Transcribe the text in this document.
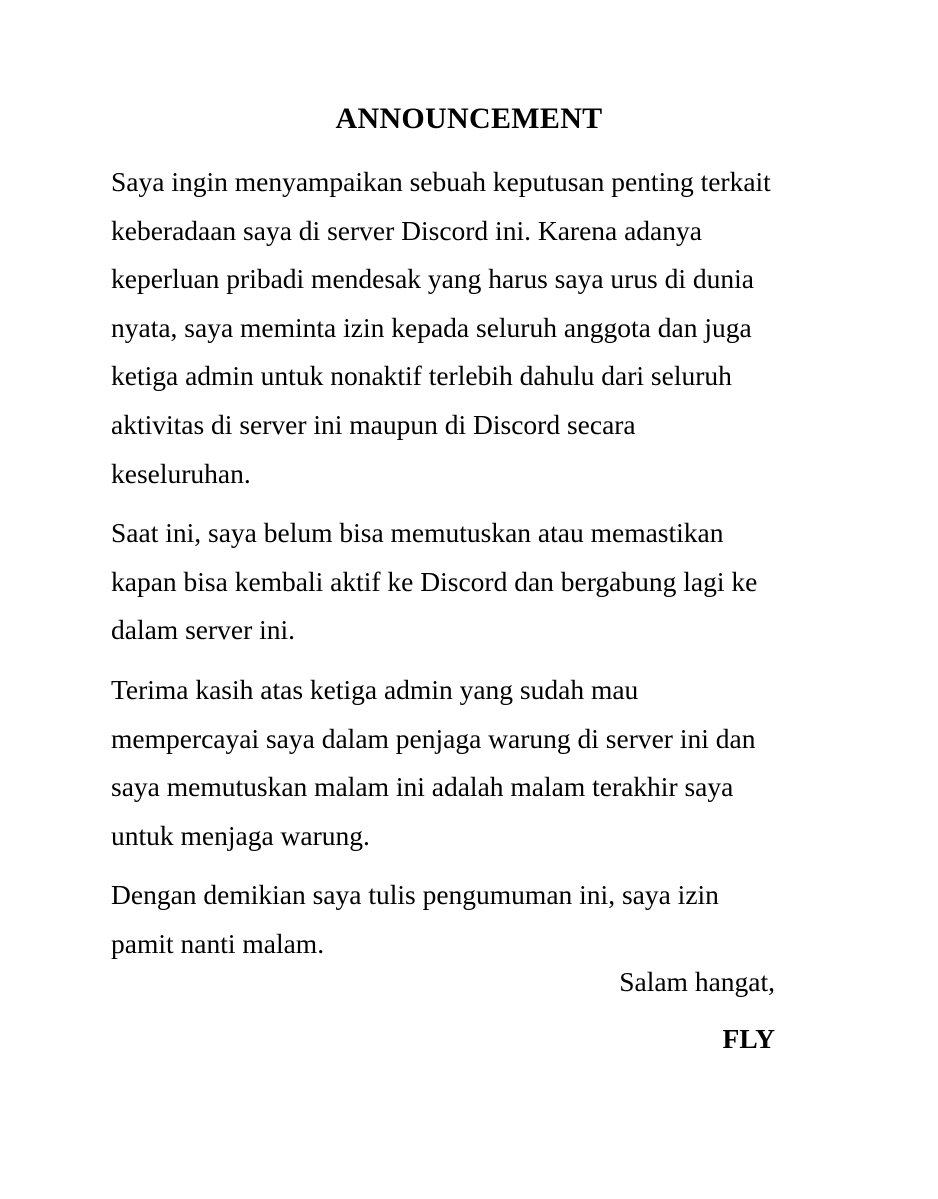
ANNOUNCEMENT

Saya ingin menyampaikan sebuah keputusan penting terkait
keberadaan saya di server Discord ini. Karena adanya
keperluan pribadi mendesak yang harus saya urus di dunia
nyata, saya meminta izin kepada seluruh anggota dan juga
ketiga admin untuk nonaktif terlebih dahulu dari seluruh
aktivitas di server ini maupun di Discord secara
keseluruhan.

Saat ini, saya belum bisa memutuskan atau memastikan
kapan bisa kembali aktif ke Discord dan bergabung lagi ke
dalam server ini.

Terima kasih atas ketiga admin yang sudah mau
mempercayai saya dalam penjaga warung di server ini dan
saya memutuskan malam ini adalah malam terakhir saya
untuk menjaga warung.

Dengan demikian saya tulis pengumuman ini, saya izin
pamit nanti malam.

Salam hangat,
FLY
